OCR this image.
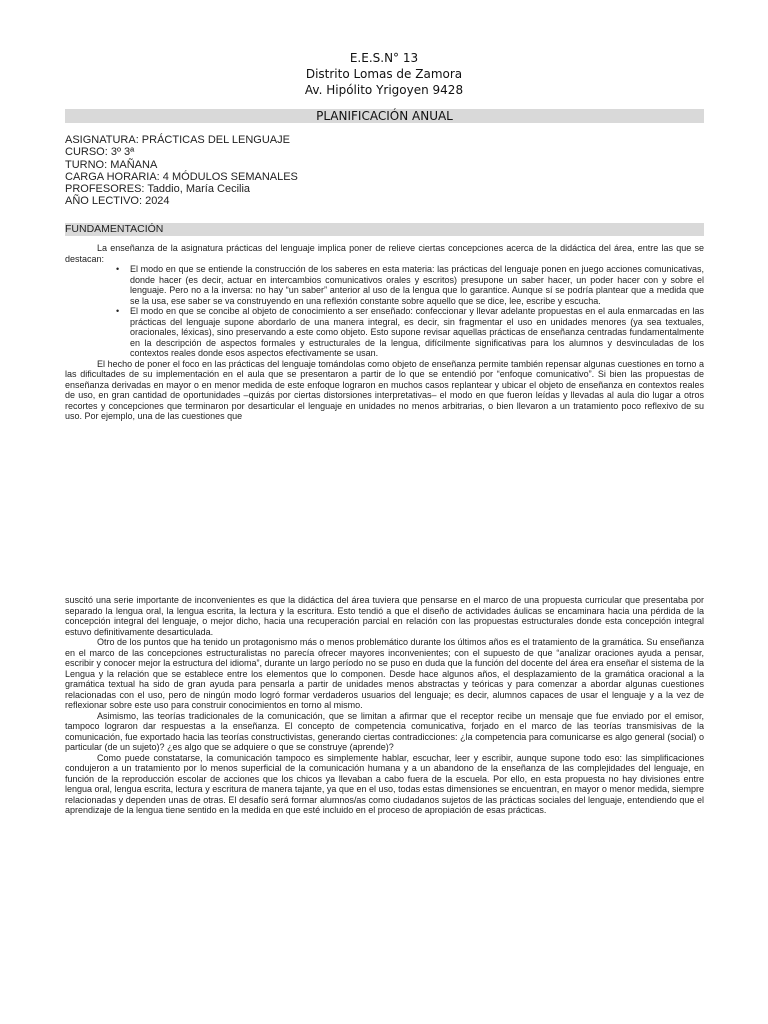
E.E.S.N° 13
Distrito Lomas de Zamora
Av. Hipólito Yrigoyen 9428
PLANIFICACIÓN ANUAL
ASIGNATURA: PRÁCTICAS DEL LENGUAJE
CURSO: 3º 3ª
TURNO: MAÑANA
CARGA HORARIA: 4 MÓDULOS SEMANALES
PROFESORES: Taddio, María Cecilia
AÑO LECTIVO: 2024
FUNDAMENTACIÓN

La enseñanza de la asignatura prácticas del lenguaje implica poner de relieve ciertas concepciones acerca de la didáctica del área, entre las que se destacan:

• El modo en que se entiende la construcción de los saberes en esta materia: las prácticas del lenguaje ponen en juego acciones comunicativas, donde hacer (es decir, actuar en intercambios comunicativos orales y escritos) presupone un saber hacer, un poder hacer con y sobre el lenguaje. Pero no a la inversa: no hay “un saber” anterior al uso de la lengua que lo garantice. Aunque sí se podría plantear que a medida que se la usa, ese saber se va construyendo en una reflexión constante sobre aquello que se dice, lee, escribe y escucha.
• El modo en que se concibe al objeto de conocimiento a ser enseñado: confeccionar y llevar adelante propuestas en el aula enmarcadas en las prácticas del lenguaje supone abordarlo de una manera integral, es decir, sin fragmentar el uso en unidades menores (ya sea textuales, oracionales, léxicas), sino preservando a este como objeto. Esto supone revisar aquellas prácticas de enseñanza centradas fundamentalmente en la descripción de aspectos formales y estructurales de la lengua, difícilmente significativas para los alumnos y desvinculadas de los contextos reales donde esos aspectos efectivamente se usan.

El hecho de poner el foco en las prácticas del lenguaje tomándolas como objeto de enseñanza permite también repensar algunas cuestiones en torno a las dificultades de su implementación en el aula que se presentaron a partir de lo que se entendió por “enfoque comunicativo”. Si bien las propuestas de enseñanza derivadas en mayor o en menor medida de este enfoque lograron en muchos casos replantear y ubicar el objeto de enseñanza en contextos reales de uso, en gran cantidad de oportunidades –quizás por ciertas distorsiones interpretativas– el modo en que fueron leídas y llevadas al aula dio lugar a otros recortes y concepciones que terminaron por desarticular el lenguaje en unidades no menos arbitrarias, o bien llevaron a un tratamiento poco reflexivo de su uso. Por ejemplo, una de las cuestiones que

suscitó una serie importante de inconvenientes es que la didáctica del área tuviera que pensarse en el marco de una propuesta curricular que presentaba por separado la lengua oral, la lengua escrita, la lectura y la escritura. Esto tendió a que el diseño de actividades áulicas se encaminara hacia una pérdida de la concepción integral del lenguaje, o mejor dicho, hacia una recuperación parcial en relación con las propuestas estructurales donde esta concepción integral estuvo definitivamente desarticulada.

Otro de los puntos que ha tenido un protagonismo más o menos problemático durante los últimos años es el tratamiento de la gramática. Su enseñanza en el marco de las concepciones estructuralistas no parecía ofrecer mayores inconvenientes; con el supuesto de que “analizar oraciones ayuda a pensar, escribir y conocer mejor la estructura del idioma”, durante un largo período no se puso en duda que la función del docente del área era enseñar el sistema de la Lengua y la relación que se establece entre los elementos que lo componen. Desde hace algunos años, el desplazamiento de la gramática oracional a la gramática textual ha sido de gran ayuda para pensarla a partir de unidades menos abstractas y teóricas y para comenzar a abordar algunas cuestiones relacionadas con el uso, pero de ningún modo logró formar verdaderos usuarios del lenguaje; es decir, alumnos capaces de usar el lenguaje y a la vez de reflexionar sobre este uso para construir conocimientos en torno al mismo.

Asimismo, las teorías tradicionales de la comunicación, que se limitan a afirmar que el receptor recibe un mensaje que fue enviado por el emisor, tampoco lograron dar respuestas a la enseñanza. El concepto de competencia comunicativa, forjado en el marco de las teorías transmisivas de la comunicación, fue exportado hacia las teorías constructivistas, generando ciertas contradicciones: ¿la competencia para comunicarse es algo general (social) o particular (de un sujeto)? ¿es algo que se adquiere o que se construye (aprende)?

Como puede constatarse, la comunicación tampoco es simplemente hablar, escuchar, leer y escribir, aunque supone todo eso: las simplificaciones condujeron a un tratamiento por lo menos superficial de la comunicación humana y a un abandono de la enseñanza de las complejidades del lenguaje, en función de la reproducción escolar de acciones que los chicos ya llevaban a cabo fuera de la escuela. Por ello, en esta propuesta no hay divisiones entre lengua oral, lengua escrita, lectura y escritura de manera tajante, ya que en el uso, todas estas dimensiones se encuentran, en mayor o menor medida, siempre relacionadas y dependen unas de otras. El desafío será formar alumnos/as como ciudadanos sujetos de las prácticas sociales del lenguaje, entendiendo que el aprendizaje de la lengua tiene sentido en la medida en que esté incluido en el proceso de apropiación de esas prácticas.
